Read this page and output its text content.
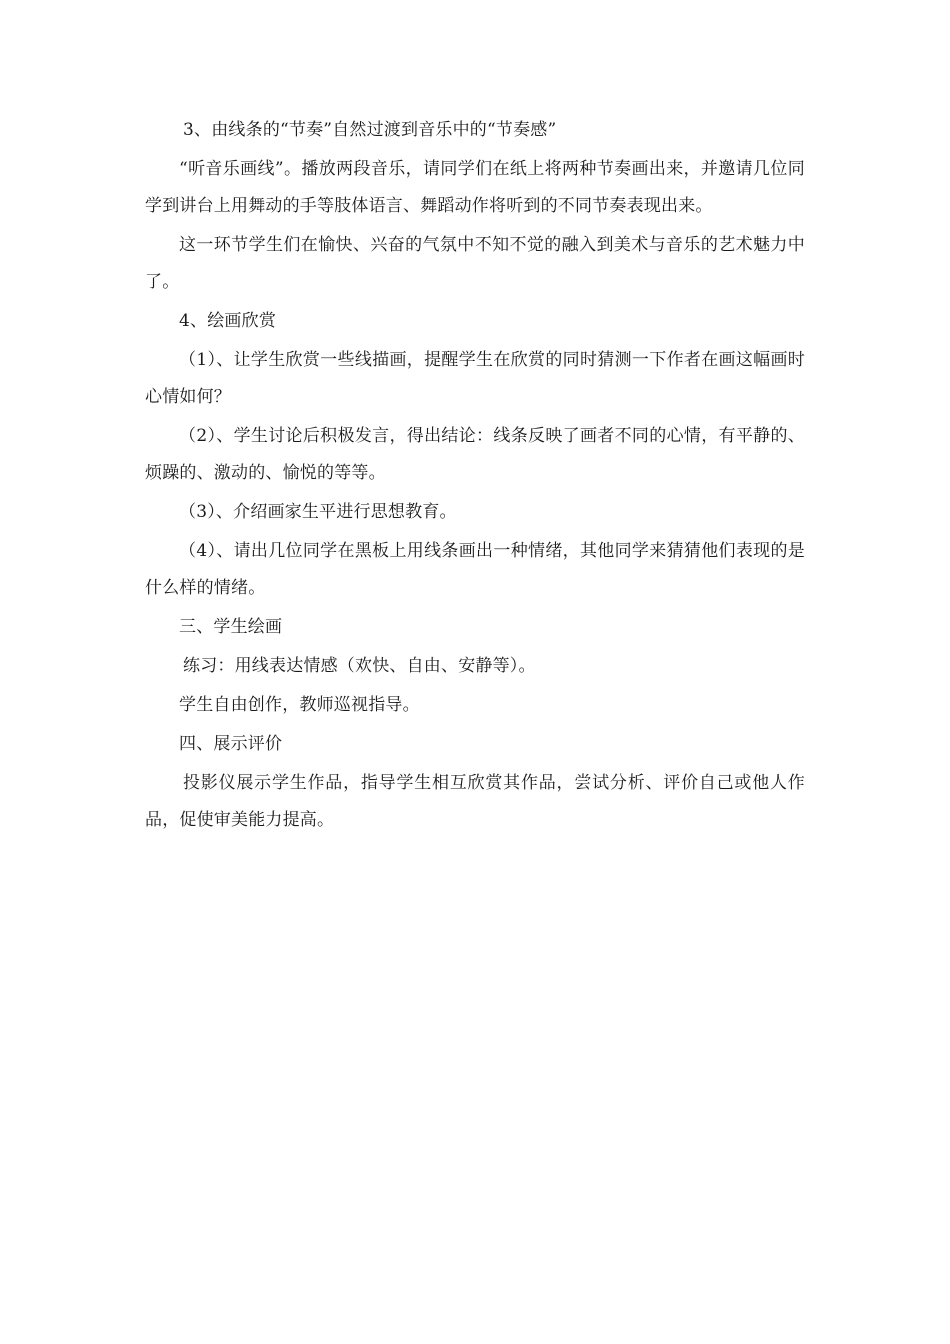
3、由线条的“节奏”自然过渡到音乐中的“节奏感”

“听音乐画线”。播放两段音乐，请同学们在纸上将两种节奏画出来，并邀请几位同学到讲台上用舞动的手等肢体语言、舞蹈动作将听到的不同节奏表现出来。

这一环节学生们在愉快、兴奋的气氛中不知不觉的融入到美术与音乐的艺术魅力中了。

4、绘画欣赏

（1）、让学生欣赏一些线描画，提醒学生在欣赏的同时猜测一下作者在画这幅画时心情如何？

（2）、学生讨论后积极发言，得出结论：线条反映了画者不同的心情，有平静的、烦躁的、激动的、愉悦的等等。

（3）、介绍画家生平进行思想教育。

（4）、请出几位同学在黑板上用线条画出一种情绪，其他同学来猜猜他们表现的是什么样的情绪。

三、学生绘画

练习：用线表达情感（欢快、自由、安静等）。

学生自由创作，教师巡视指导。

四、展示评价

投影仪展示学生作品，指导学生相互欣赏其作品，尝试分析、评价自己或他人作品，促使审美能力提高。
